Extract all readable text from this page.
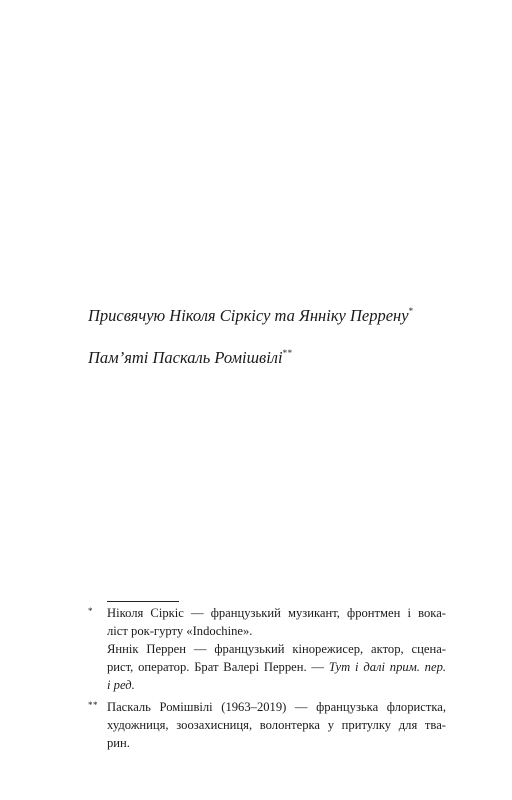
Присвячую Ніколя Сіркісу та Янніку Перрену*
Пам’яті Паскаль Ромішвілі**
* Ніколя Сіркіс — французький музикант, фронтмен і вока-
ліст рок-гурту «Indochine».
Яннік Перрен — французький кінорежисер, актор, сцена-
рист, оператор. Брат Валері Перрен. — Тут і далі прим. пер.
і ред.
** Паскаль Ромішвілі (1963–2019) — французька флористка,
художниця, зоозахисниця, волонтерка у притулку для тва-
рин.
